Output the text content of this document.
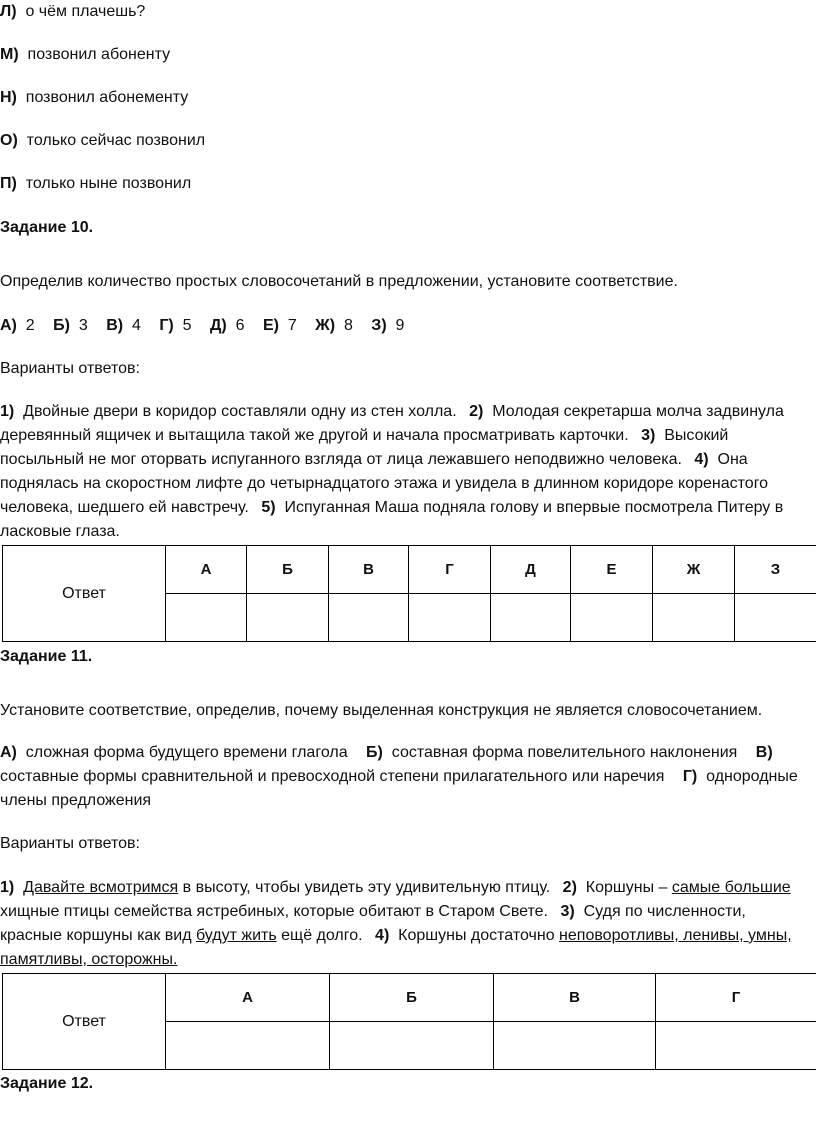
Л) о чём плачешь?
М) позвонил абоненту
Н) позвонил абонементу
О) только сейчас позвонил
П) только ныне позвонил
Задание 10.
Определив количество простых словосочетаний в предложении, установите соответствие.
А) 2 Б) 3 В) 4 Г) 5 Д) 6 Е) 7 Ж) 8 З) 9
Варианты ответов:
1) Двойные двери в коридор составляли одну из стен холла. 2) Молодая секретарша молча задвинула деревянный ящичек и вытащила такой же другой и начала просматривать карточки. 3) Высокий посыльный не мог оторвать испуганного взгляда от лица лежавшего неподвижно человека. 4) Она поднялась на скоростном лифте до четырнадцатого этажа и увидела в длинном коридоре коренастого человека, шедшего ей навстречу. 5) Испуганная Маша подняла голову и впервые посмотрела Питеру в ласковые глаза.
Ответ	А	Б	В	Г	Д	Е	Ж	З

Задание 11.
Установите соответствие, определив, почему выделенная конструкция не является словосочетанием.
А) сложная форма будущего времени глагола Б) составная форма повелительного наклонения В)  составные формы сравнительной и превосходной степени прилагательного или наречия Г) однородные члены предложения
Варианты ответов:
1) Давайте всмотримся в высоту, чтобы увидеть эту удивительную птицу. 2) Коршуны – самые большие хищные птицы семейства ястребиных, которые обитают в Старом Свете. 3) Судя по численности, красные коршуны как вид будут жить ещё долго. 4) Коршуны достаточно неповоротливы, ленивы, умны, памятливы, осторожны.
Ответ	А	Б	В	Г

Задание 12.
